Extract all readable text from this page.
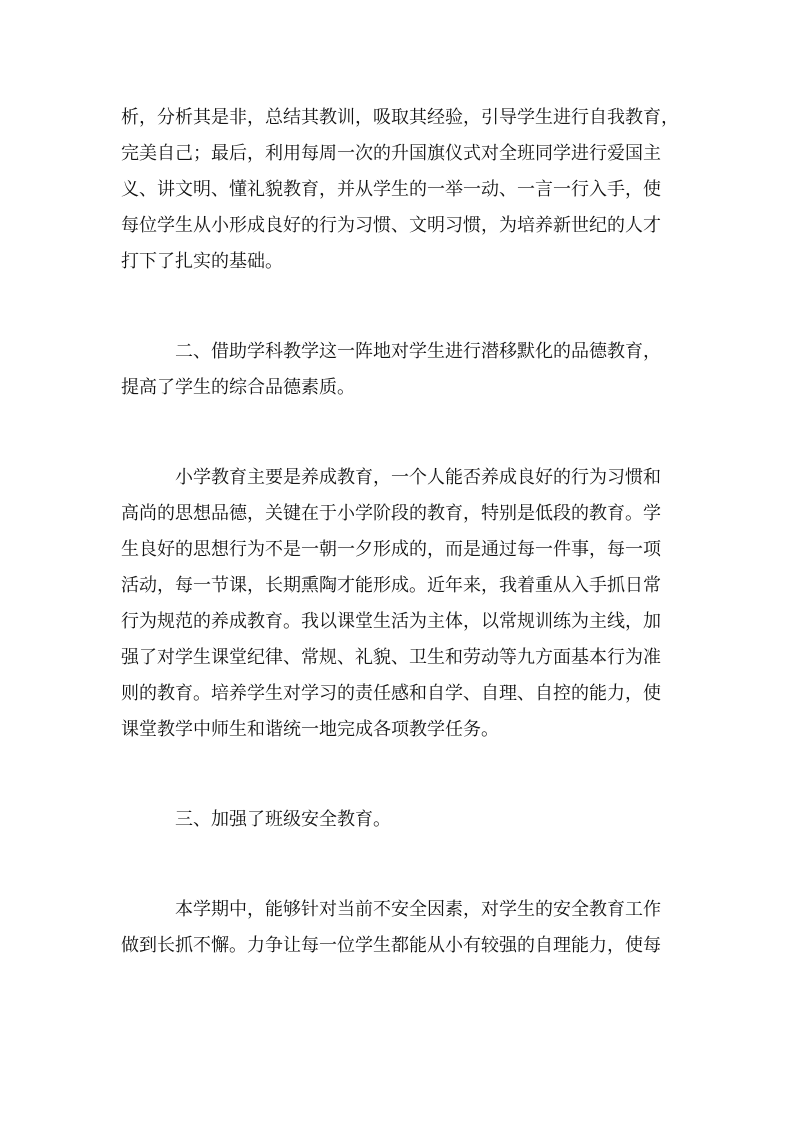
析，分析其是非，总结其教训，吸取其经验，引导学生进行自我教育，
完美自己；最后，利用每周一次的升国旗仪式对全班同学进行爱国主
义、讲文明、懂礼貌教育，并从学生的一举一动、一言一行入手，使
每位学生从小形成良好的行为习惯、文明习惯，为培养新世纪的人才
打下了扎实的基础。
二、借助学科教学这一阵地对学生进行潜移默化的品德教育，
提高了学生的综合品德素质。
小学教育主要是养成教育，一个人能否养成良好的行为习惯和
高尚的思想品德，关键在于小学阶段的教育，特别是低段的教育。学
生良好的思想行为不是一朝一夕形成的，而是通过每一件事，每一项
活动，每一节课，长期熏陶才能形成。近年来，我着重从入手抓日常
行为规范的养成教育。我以课堂生活为主体，以常规训练为主线，加
强了对学生课堂纪律、常规、礼貌、卫生和劳动等九方面基本行为准
则的教育。培养学生对学习的责任感和自学、自理、自控的能力，使
课堂教学中师生和谐统一地完成各项教学任务。
三、加强了班级安全教育。
本学期中，能够针对当前不安全因素，对学生的安全教育工作
做到长抓不懈。力争让每一位学生都能从小有较强的自理能力，使每
